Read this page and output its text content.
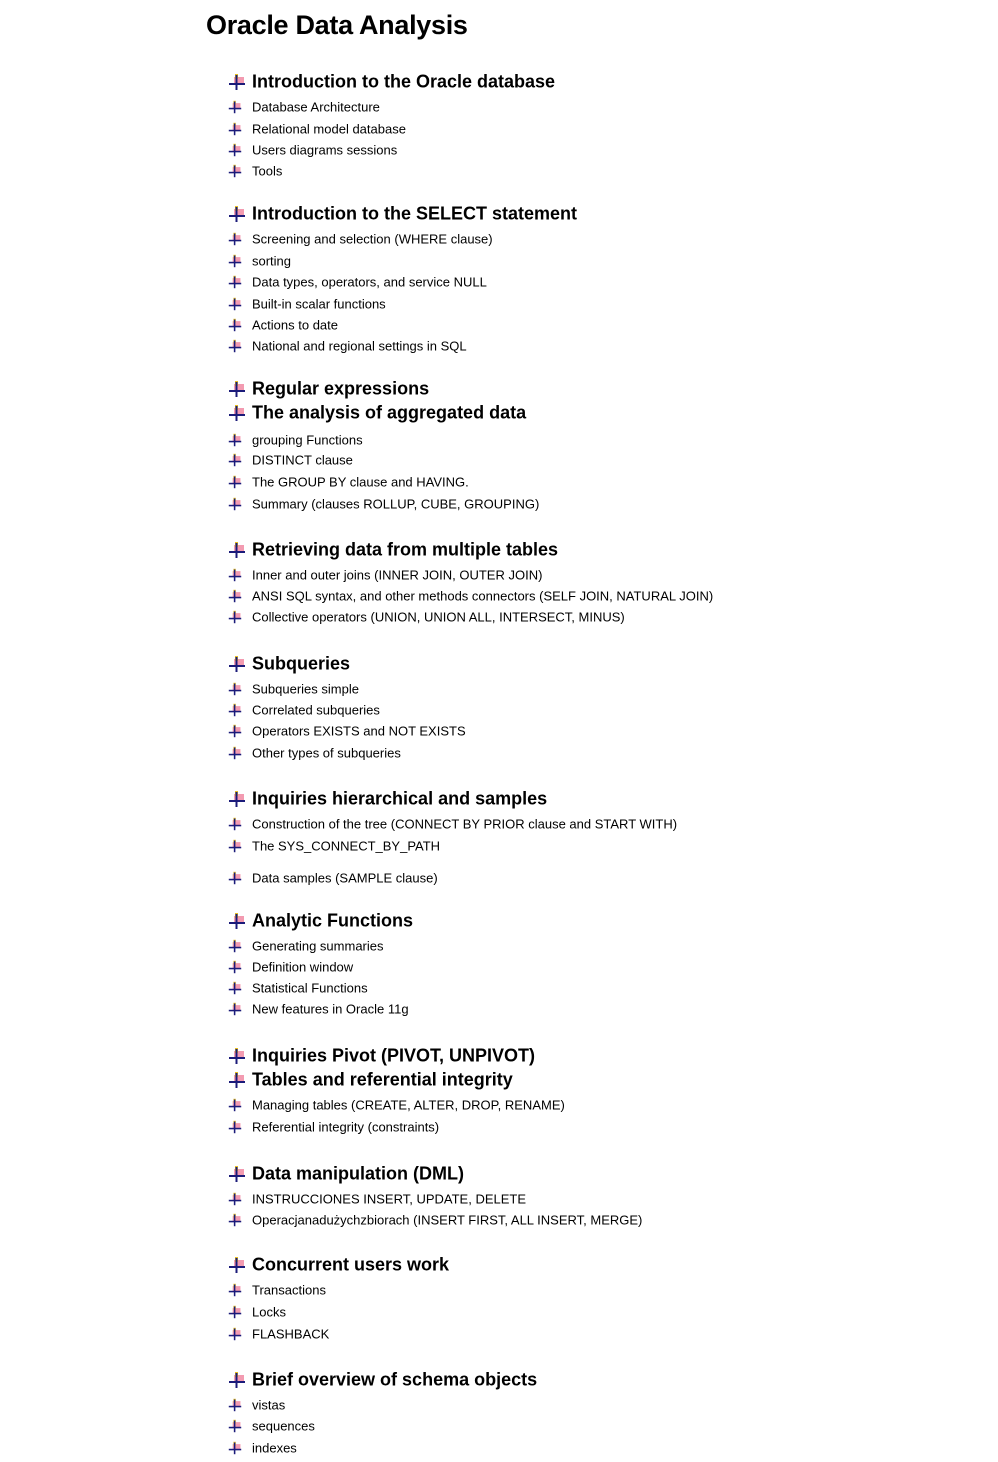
Oracle Data Analysis
Introduction to the Oracle database
Database Architecture
Relational model database
Users diagrams sessions
Tools
Introduction to the SELECT statement
Screening and selection (WHERE clause)
sorting
Data types, operators, and service NULL
Built-in scalar functions
Actions to date
National and regional settings in SQL
Regular expressions
The analysis of aggregated data
grouping Functions
DISTINCT clause
The GROUP BY clause and HAVING.
Summary (clauses ROLLUP, CUBE, GROUPING)
Retrieving data from multiple tables
Inner and outer joins (INNER JOIN, OUTER JOIN)
ANSI SQL syntax, and other methods connectors (SELF JOIN, NATURAL JOIN)
Collective operators (UNION, UNION ALL, INTERSECT, MINUS)
Subqueries
Subqueries simple
Correlated subqueries
Operators EXISTS and NOT EXISTS
Other types of subqueries
Inquiries hierarchical and samples
Construction of the tree (CONNECT BY PRIOR clause and START WITH)
The SYS_CONNECT_BY_PATH
Data samples (SAMPLE clause)
Analytic Functions
Generating summaries
Definition window
Statistical Functions
New features in Oracle 11g
Inquiries Pivot (PIVOT, UNPIVOT)
Tables and referential integrity
Managing tables (CREATE, ALTER, DROP, RENAME)
Referential integrity (constraints)
Data manipulation (DML)
INSTRUCCIONES INSERT, UPDATE, DELETE
Operacjanadużychzbiorach (INSERT FIRST, ALL INSERT, MERGE)
Concurrent users work
Transactions
Locks
FLASHBACK
Brief overview of schema objects
vistas
sequences
indexes
